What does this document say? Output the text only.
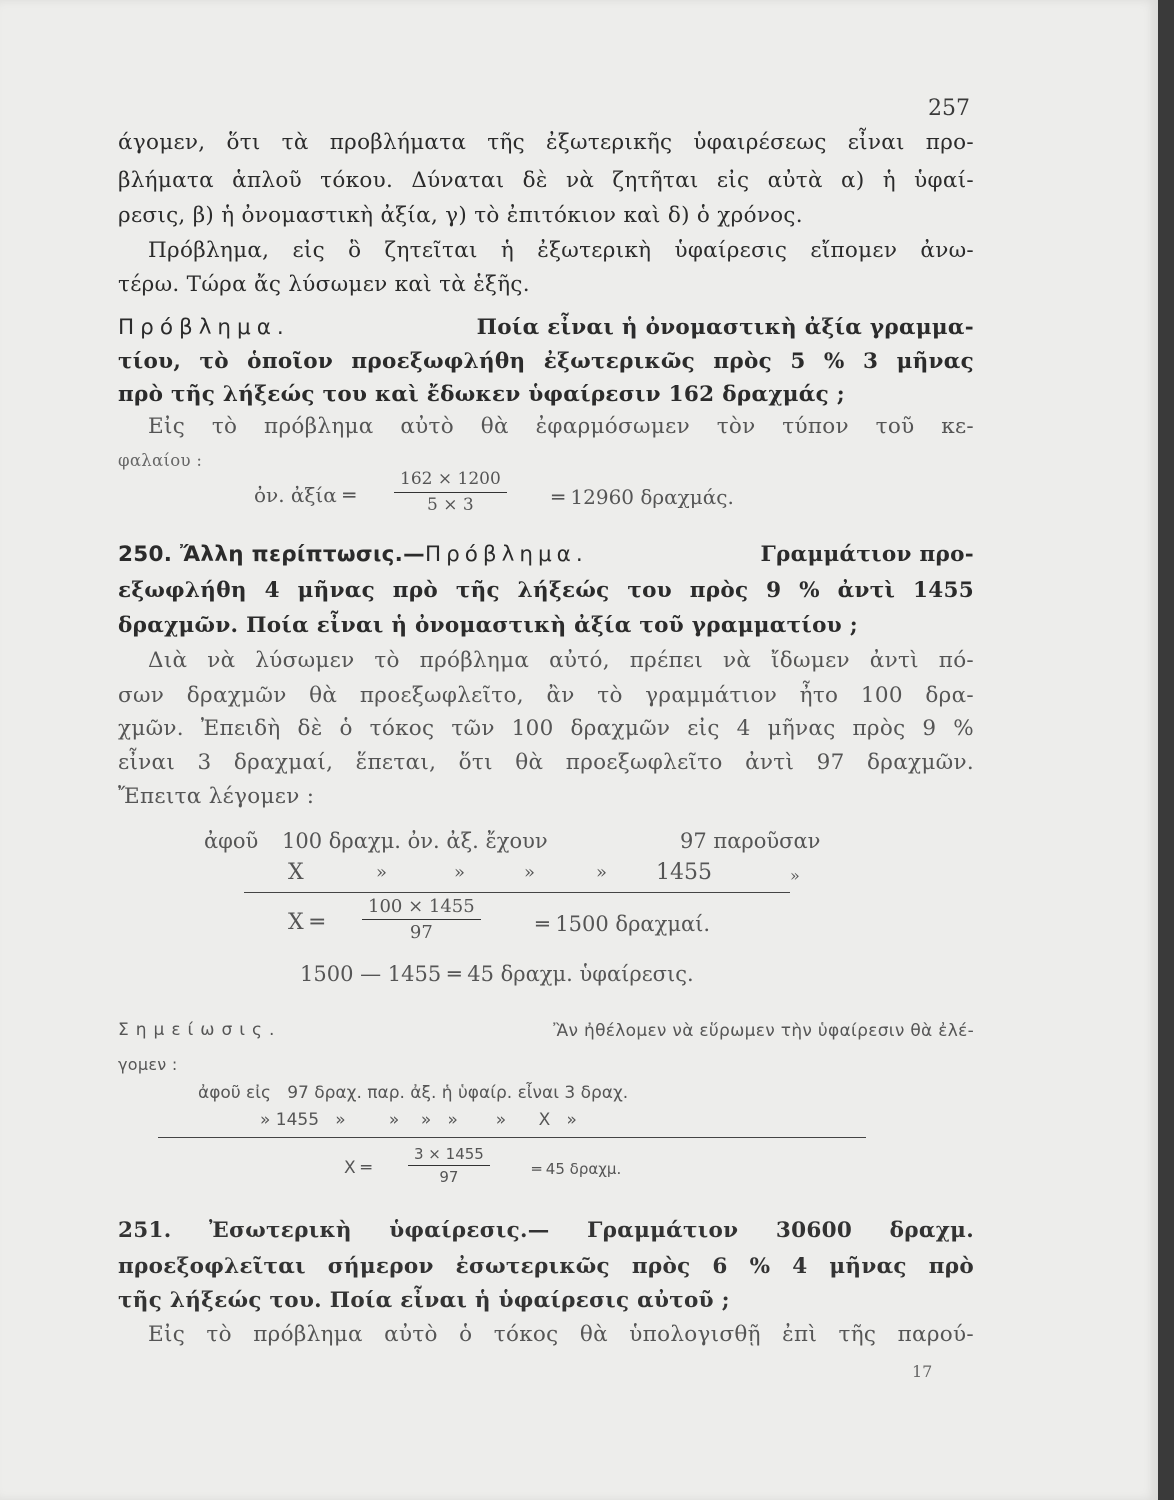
257
άγομεν, ὅτι τὰ προβλήματα τῆς ἐξωτερικῆς ὑφαιρέσεως εἶναι προ-
βλήματα ἁπλοῦ τόκου. Δύναται δὲ νὰ ζητῆται εἰς αὐτὰ α) ἡ ὑφαί-
ρεσις, β) ἡ ὀνομαστικὴ ἀξία, γ) τὸ ἐπιτόκιον καὶ δ) ὁ χρόνος.
Πρόβλημα, εἰς ὃ ζητεῖται ἡ ἐξωτερικὴ ὑφαίρεσις εἴπομεν ἀνω-
τέρω. Τώρα ἄς λύσωμεν καὶ τὰ ἑξῆς.
Πρόβλημα.	Ποία εἶναι ἡ ὀνομαστικὴ ἀξία γραμμα-
τίου, τὸ ὁποῖον προεξωφλήθη ἐξωτερικῶς πρὸς 5 % 3 μῆνας
πρὸ τῆς λήξεώς του καὶ ἔδωκεν ὑφαίρεσιν 162 δραχμάς ;
Εἰς τὸ πρόβλημα αὐτὸ θὰ ἐφαρμόσωμεν τὸν τύπον τοῦ κε-
φαλαίου :
ὀν. ἀξία ═ $\frac{162 \times 1200}{5 \times 3}$ ═ 12960 δραχμάς.
250. Ἄλλη περίπτωσις.—Πρόβλημα.	Γραμμάτιον προ-
εξωφλήθη 4 μῆνας πρὸ τῆς λήξεώς του πρὸς 9 % ἀντὶ 1455
δραχμῶν. Ποία εἶναι ἡ ὀνομαστικὴ ἀξία τοῦ γραμματίου ;
Διὰ νὰ λύσωμεν τὸ πρόβλημα αὐτό, πρέπει νὰ ἴδωμεν ἀντὶ πό-
σων δραχμῶν θὰ προεξωφλεῖτο, ἂν τὸ γραμμάτιον ἦτο 100 δρα-
χμῶν. Ἐπειδὴ δὲ ὁ τόκος τῶν 100 δραχμῶν εἰς 4 μῆνας πρὸς 9 %
εἶναι 3 δραχμαί, ἕπεται, ὅτι θὰ προεξωφλεῖτο ἀντὶ 97 δραχμῶν.
Ἔπειτα λέγομεν :
ἀφοῦ 100 δραχμ. ὀν. ἀξ. ἔχουν	97 παροῦσαν
X	»	»	»	» 1455	»
X ═ $\frac{100 \times 1455}{97}$	═ 1500 δραχμαί.
1500 — 1455 ═ 45 δραχμ. ὑφαίρεσις.
Σημείωσις.	Ἂν ἠθέλομεν νὰ εὕρωμεν τὴν ὑφαίρεσιν θὰ ἐλέ-
γομεν :
ἀφοῦ εἰς   97 δραχ. παρ. ἀξ. ἡ ὑφαίρ. εἶναι 3 δραχ.
» 1455   »        »    »   »       »      X   »
X ═ $\frac{3 \times 1455}{97}$	═ 45 δραχμ.
251. Ἐσωτερικὴ ὑφαίρεσις.— Γραμμάτιον 30600 δραχμ.
προεξοφλεῖται σήμερον ἐσωτερικῶς πρὸς 6 % 4 μῆνας πρὸ
τῆς λήξεώς του. Ποία εἶναι ἡ ὑφαίρεσις αὐτοῦ ;
Εἰς τὸ πρόβλημα αὐτὸ ὁ τόκος θὰ ὑπολογισθῇ ἐπὶ τῆς παρού-
17
